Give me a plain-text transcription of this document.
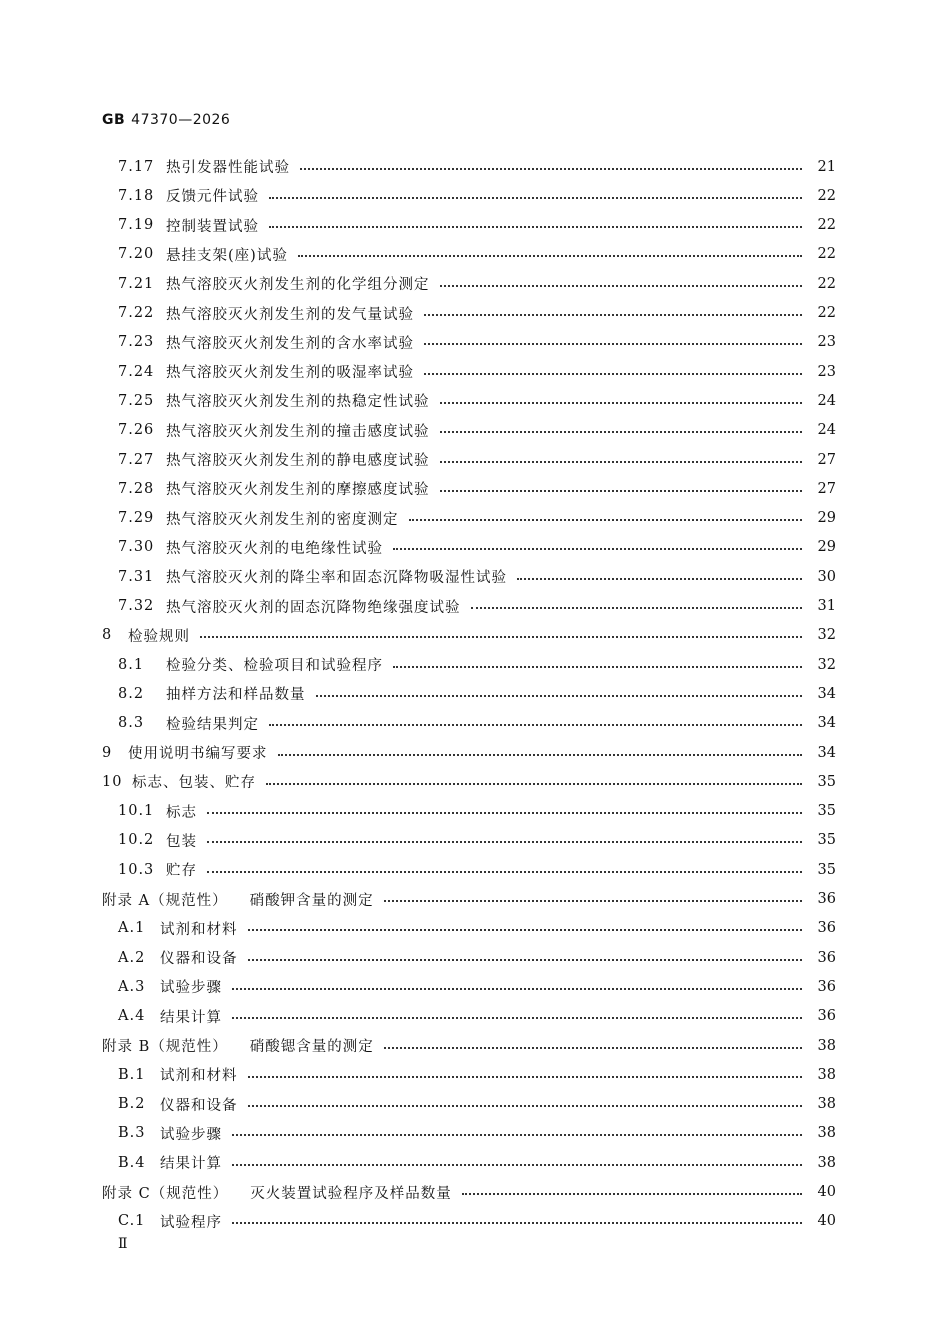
GB 47370—2026
7.17 热引发器性能试验	21
7.18 反馈元件试验	22
7.19 控制装置试验	22
7.20 悬挂支架(座)试验	22
7.21 热气溶胶灭火剂发生剂的化学组分测定	22
7.22 热气溶胶灭火剂发生剂的发气量试验	22
7.23 热气溶胶灭火剂发生剂的含水率试验	23
7.24 热气溶胶灭火剂发生剂的吸湿率试验	23
7.25 热气溶胶灭火剂发生剂的热稳定性试验	24
7.26 热气溶胶灭火剂发生剂的撞击感度试验	24
7.27 热气溶胶灭火剂发生剂的静电感度试验	27
7.28 热气溶胶灭火剂发生剂的摩擦感度试验	27
7.29 热气溶胶灭火剂发生剂的密度测定	29
7.30 热气溶胶灭火剂的电绝缘性试验	29
7.31 热气溶胶灭火剂的降尘率和固态沉降物吸湿性试验	30
7.32 热气溶胶灭火剂的固态沉降物绝缘强度试验	31
8	检验规则	32
8.1	检验分类、检验项目和试验程序	32
8.2	抽样方法和样品数量	34
8.3	检验结果判定	34
9	使用说明书编写要求	34
10 标志、包装、贮存	35
10.1 标志	35
10.2 包装	35
10.3 贮存	35
附录 A（规范性） 硝酸钾含量的测定	36
A.1	试剂和材料	36
A.2	仪器和设备	36
A.3	试验步骤	36
A.4	结果计算	36
附录 B（规范性） 硝酸锶含量的测定	38
B.1	试剂和材料	38
B.2	仪器和设备	38
B.3	试验步骤	38
B.4	结果计算	38
附录 C（规范性） 灭火装置试验程序及样品数量	40
C.1	试验程序	40
Ⅱ
